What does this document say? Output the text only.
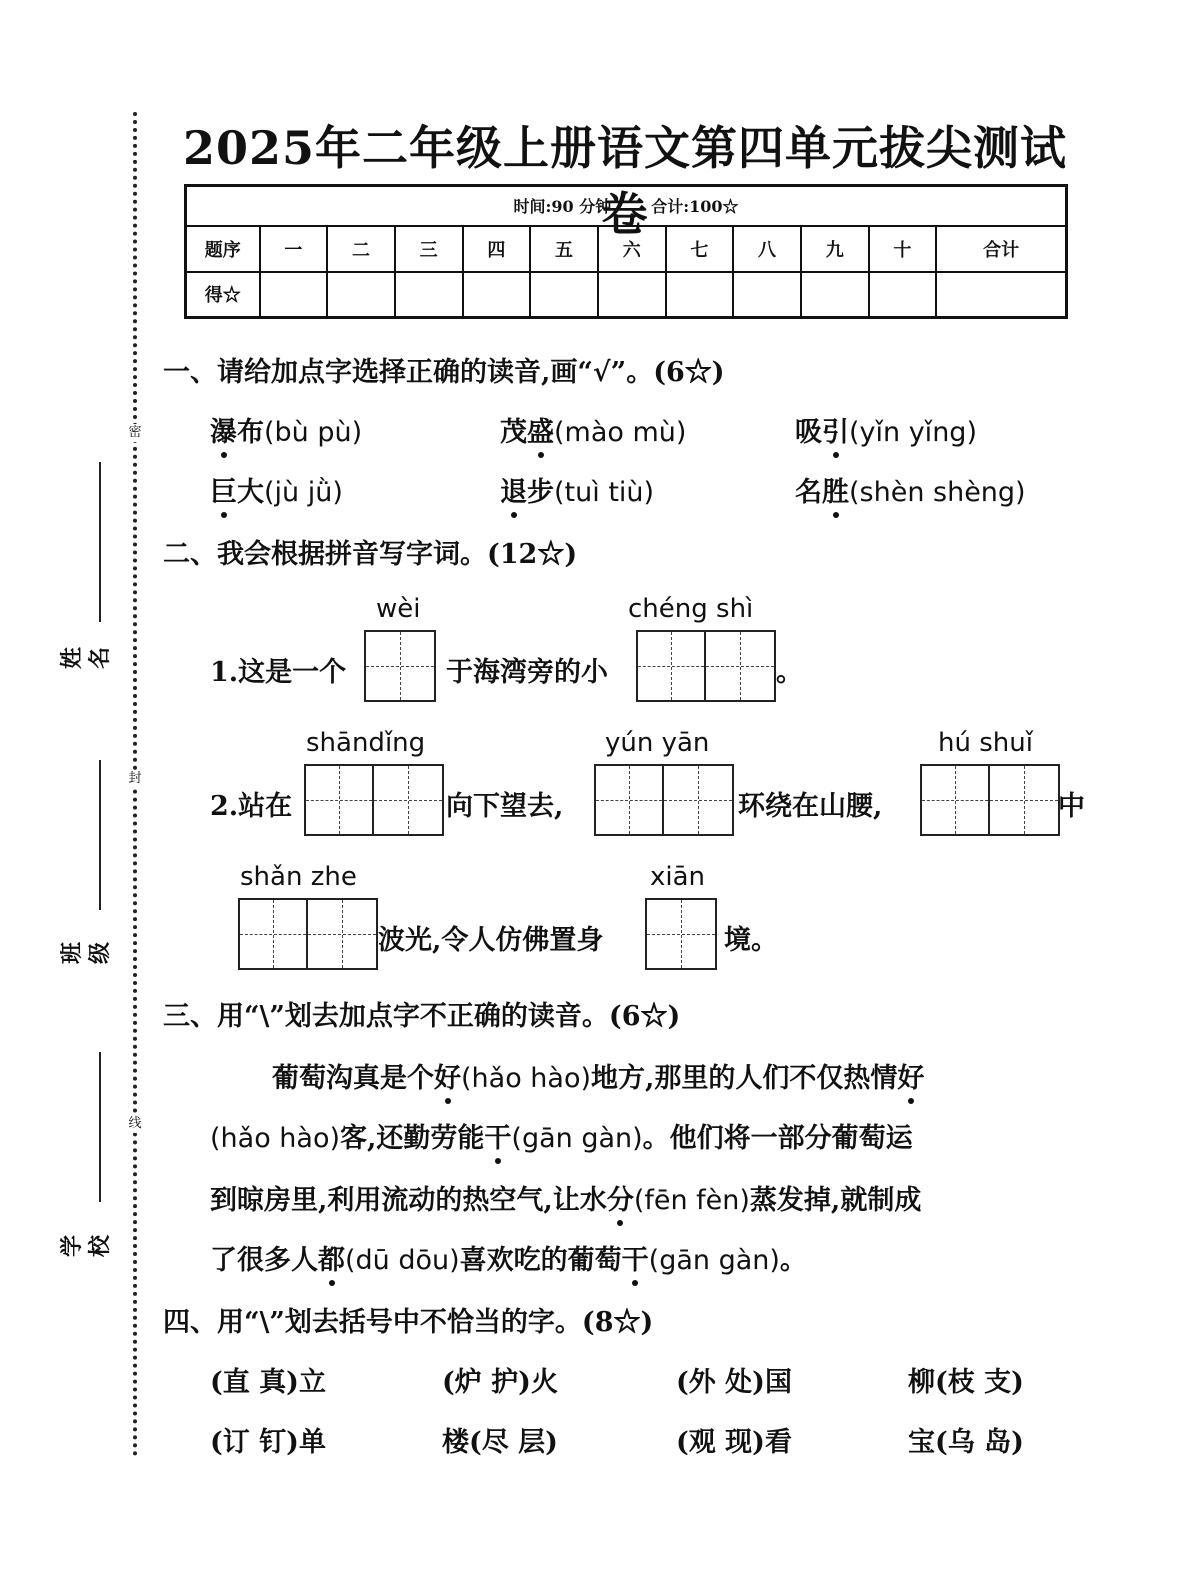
密
封
线
姓名
班级
学校
2025年二年级上册语文第四单元拔尖测试卷
时间:90 分钟 合计:100☆											
题序	一	二	三	四	五	六	七	八	九	十	合计
得☆											
一、请给加点字选择正确的读音,画“√”。(6☆)
瀑布(bù pù)	茂盛(mào mù)	吸引(yǐn yǐng)
巨大(jù jǜ)	退步(tuì tiù)	名胜(shèn shèng)
二、我会根据拼音写字词。(12☆)
wèi	chéng shì
1.这是一个	于海湾旁的小	。
shāndǐng	yún yān	hú shuǐ
2.站在	向下望去,	环绕在山腰,	中
shǎn zhe	xiān
波光,令人仿佛置身	境。
三、用“\”划去加点字不正确的读音。(6☆)
葡萄沟真是个好(hǎo hào)地方,那里的人们不仅热情好
(hǎo hào)客,还勤劳能干(gān gàn)。他们将一部分葡萄运
到晾房里,利用流动的热空气,让水分(fēn fèn)蒸发掉,就制成
了很多人都(dū dōu)喜欢吃的葡萄干(gān gàn)。
四、用“\”划去括号中不恰当的字。(8☆)
(直 真)立	(炉 护)火	(外 处)国	柳(枝 支)
(订 钉)单	楼(尽 层)	(观 现)看	宝(乌 岛)
